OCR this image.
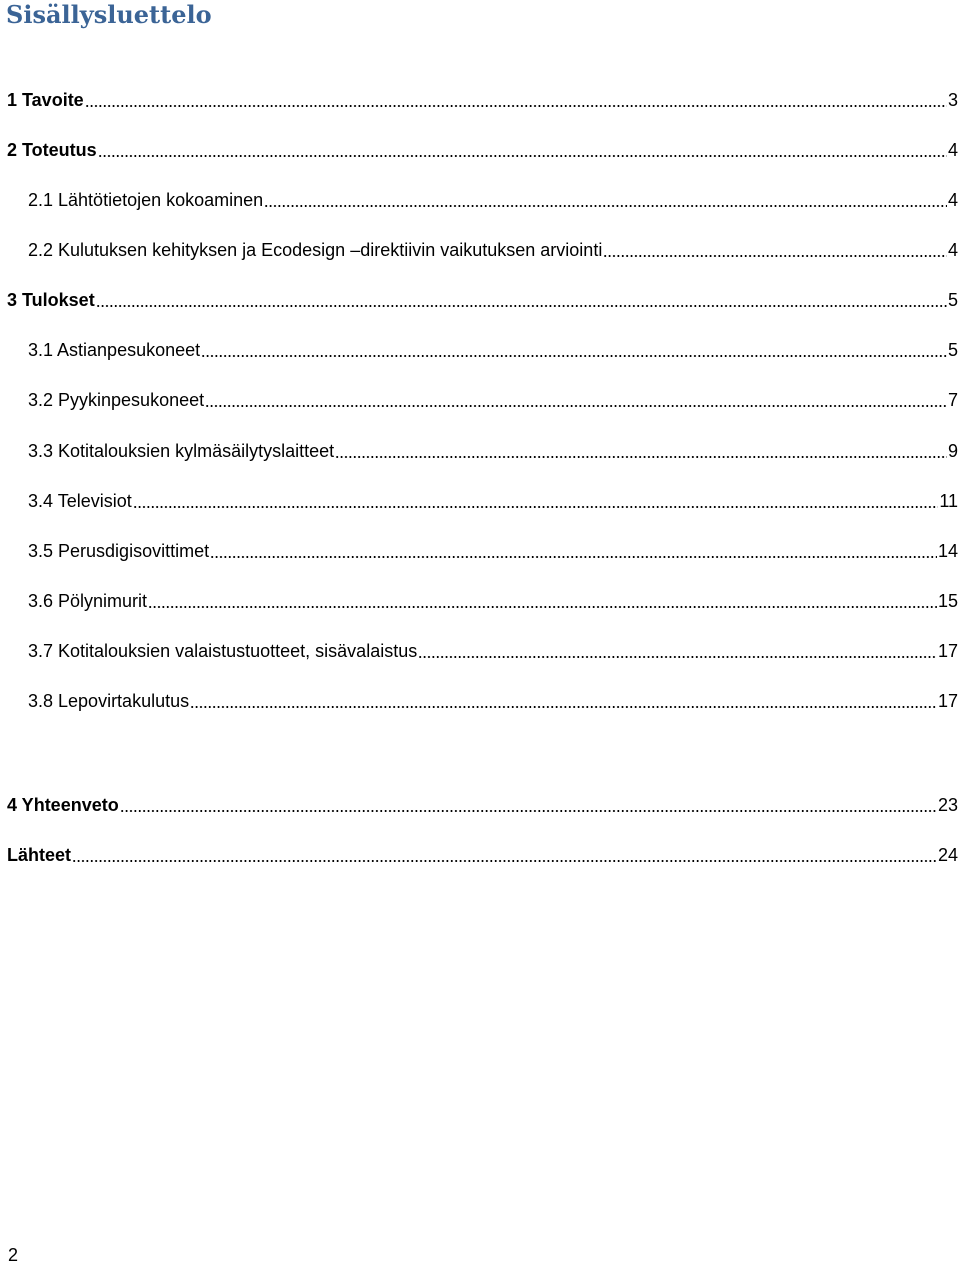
Sisällysluettelo
1 Tavoite	3
2 Toteutus	4
2.1 Lähtötietojen kokoaminen	4
2.2 Kulutuksen kehityksen ja Ecodesign –direktiivin vaikutuksen arviointi	4
3 Tulokset	5
3.1 Astianpesukoneet	5
3.2 Pyykinpesukoneet	7
3.3 Kotitalouksien kylmäsäilytyslaitteet	9
3.4 Televisiot	11
3.5 Perusdigisovittimet	14
3.6 Pölynimurit	15
3.7 Kotitalouksien valaistustuotteet, sisävalaistus	17
3.8 Lepovirtakulutus	17
4 Yhteenveto	23
Lähteet	24
2
